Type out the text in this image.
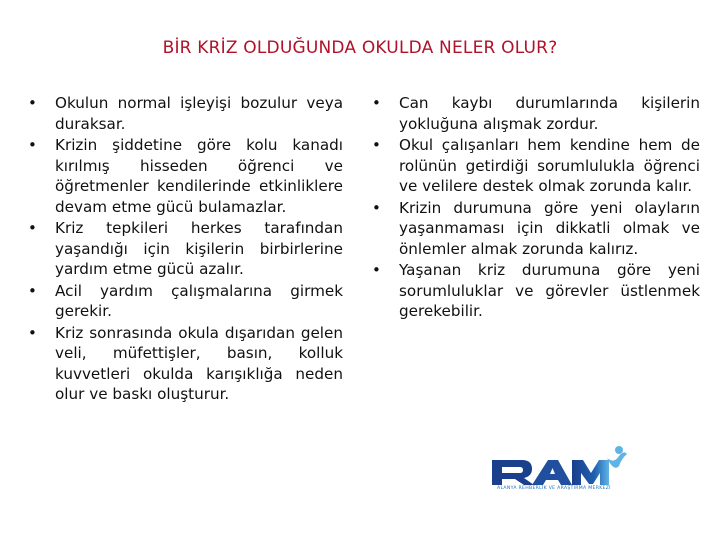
BİR KRİZ OLDUĞUNDA OKULDA NELER OLUR?
• Okulun normal işleyişi bozulur veya duraksar.
• Krizin şiddetine göre kolu kanadı kırılmış hisseden öğrenci ve öğretmenler kendilerinde etkinliklere devam etme gücü bulamazlar.
• Kriz tepkileri herkes tarafından yaşandığı için kişilerin birbirlerine yardım etme gücü azalır.
• Acil yardım çalışmalarına girmek gerekir.
• Kriz sonrasında okula dışarıdan gelen veli, müfettişler, basın, kolluk kuvvetleri okulda karışıklığa neden olur ve baskı oluşturur.
• Can kaybı durumlarında kişilerin yokluğuna alışmak zordur.
• Okul çalışanları hem kendine hem de rolünün getirdiği sorumlulukla öğrenci ve velilere destek olmak zorunda kalır.
• Krizin durumuna göre yeni olayların yaşanmaması için dikkatli olmak ve önlemler almak zorunda kalırız.
• Yaşanan kriz durumuna göre yeni sorumluluklar ve görevler üstlenmek gerekebilir.
ALANYA REHBERLİK VE ARAŞTIRMA MERKEZİ
